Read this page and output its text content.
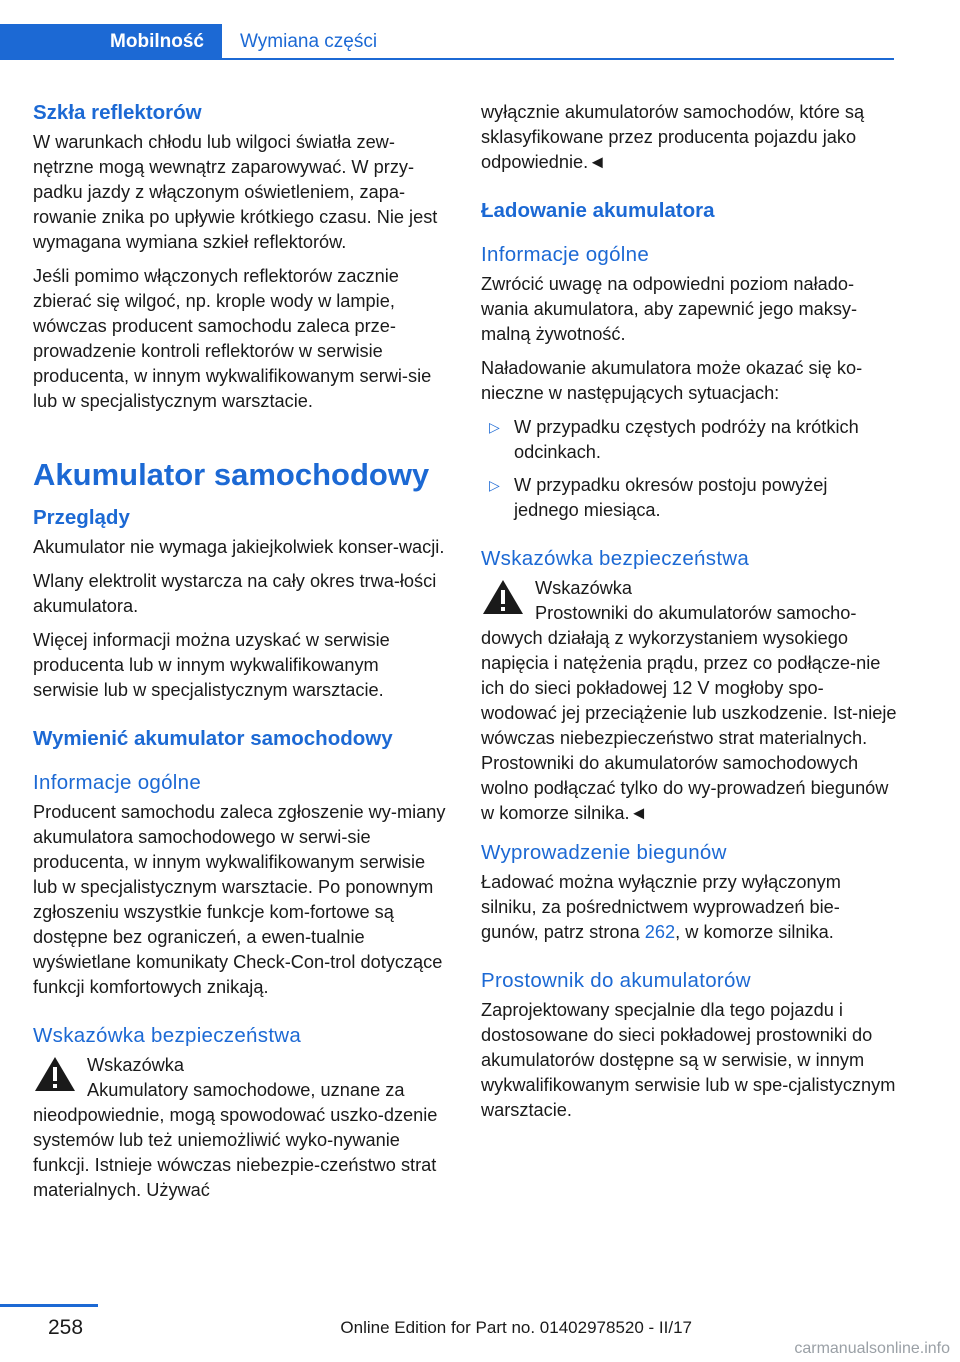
Mobilność Wymiana części
Szkła reflektorów

W warunkach chłodu lub wilgoci światła zew-nętrzne mogą wewnątrz zaparowywać. W przy-padku jazdy z włączonym oświetleniem, zapa-rowanie znika po upływie krótkiego czasu. Nie jest wymagana wymiana szkieł reflektorów.

Jeśli pomimo włączonych reflektorów zacznie zbierać się wilgoć, np. krople wody w lampie, wówczas producent samochodu zaleca prze-prowadzenie kontroli reflektorów w serwisie producenta, w innym wykwalifikowanym serwi-sie lub w specjalistycznym warsztacie.

Akumulator samochodowy
Przeglądy

Akumulator nie wymaga jakiejkolwiek konser-wacji.

Wlany elektrolit wystarcza na cały okres trwa-łości akumulatora.

Więcej informacji można uzyskać w serwisie producenta lub w innym wykwalifikowanym serwisie lub w specjalistycznym warsztacie.

Wymienić akumulator samochodowy
Informacje ogólne

Producent samochodu zaleca zgłoszenie wy-miany akumulatora samochodowego w serwi-sie producenta, w innym wykwalifikowanym serwisie lub w specjalistycznym warsztacie. Po ponownym zgłoszeniu wszystkie funkcje kom-fortowe są dostępne bez ograniczeń, a ewen-tualnie wyświetlane komunikaty Check-Con-trol dotyczące funkcji komfortowych znikają.

Wskazówka bezpieczeństwa
Wskazówka
Akumulatory samochodowe, uznane za nieodpowiednie, mogą spowodować uszko-dzenie systemów lub też uniemożliwić wyko-nywanie funkcji. Istnieje wówczas niebezpie-czeństwo strat materialnych. Używać

wyłącznie akumulatorów samochodów, które są sklasyfikowane przez producenta pojazdu jako odpowiednie.◄

Ładowanie akumulatora
Informacje ogólne

Zwrócić uwagę na odpowiedni poziom nałado-wania akumulatora, aby zapewnić jego maksy-malną żywotność.

Naładowanie akumulatora może okazać się ko-nieczne w następujących sytuacjach:

▷ W przypadku częstych podróży na krótkich odcinkach.
▷ W przypadku okresów postoju powyżej jednego miesiąca.
Wskazówka bezpieczeństwa
Wskazówka
Prostowniki do akumulatorów samocho-dowych działają z wykorzystaniem wysokiego napięcia i natężenia prądu, przez co podłącze-nie ich do sieci pokładowej 12 V mogłoby spo-wodować jej przeciążenie lub uszkodzenie. Ist-nieje wówczas niebezpieczeństwo strat materialnych. Prostowniki do akumulatorów samochodowych wolno podłączać tylko do wy-prowadzeń biegunów w komorze silnika.◄
Wyprowadzenie biegunów

Ładować można wyłącznie przy wyłączonym silniku, za pośrednictwem wyprowadzeń bie-gunów, patrz strona 262, w komorze silnika.

Prostownik do akumulatorów

Zaprojektowany specjalnie dla tego pojazdu i dostosowane do sieci pokładowej prostowniki do akumulatorów dostępne są w serwisie, w innym wykwalifikowanym serwisie lub w spe-cjalistycznym warsztacie.

258	Online Edition for Part no. 01402978520 - II/17
carmanualsonline.info
